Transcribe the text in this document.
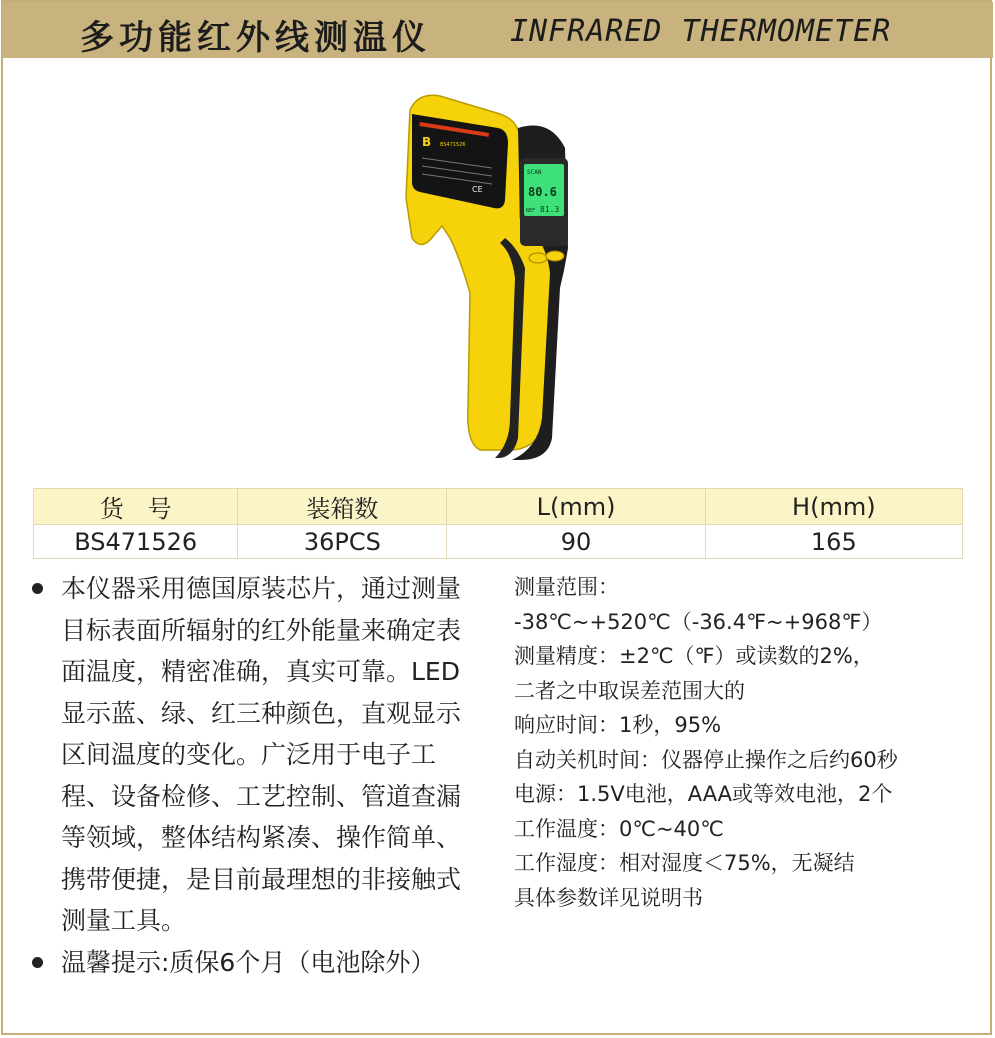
多功能红外线测温仪	INFRARED THERMOMETER
B BS471526
CE
SCAN
80.6
REF 81.3
货　号	装箱数	L(mm)	H(mm)
BS471526	36PCS	90	165
本仪器采用德国原装芯片，通过测量目标表面所辐射的红外能量来确定表面温度，精密准确，真实可靠。LED显示蓝、绿、红三种颜色，直观显示区间温度的变化。广泛用于电子工程、设备检修、工艺控制、管道查漏等领域，整体结构紧凑、操作简单、携带便捷，是目前最理想的非接触式测量工具。
温馨提示:质保6个月（电池除外）
测量范围：
-38℃~+520℃（-36.4℉~+968℉）
测量精度：±2℃（℉）或读数的2%，
二者之中取误差范围大的
响应时间：1秒，95%
自动关机时间：仪器停止操作之后约60秒
电源：1.5V电池，AAA或等效电池，2个
工作温度：0℃~40℃
工作湿度：相对湿度＜75%，无凝结
具体参数详见说明书
